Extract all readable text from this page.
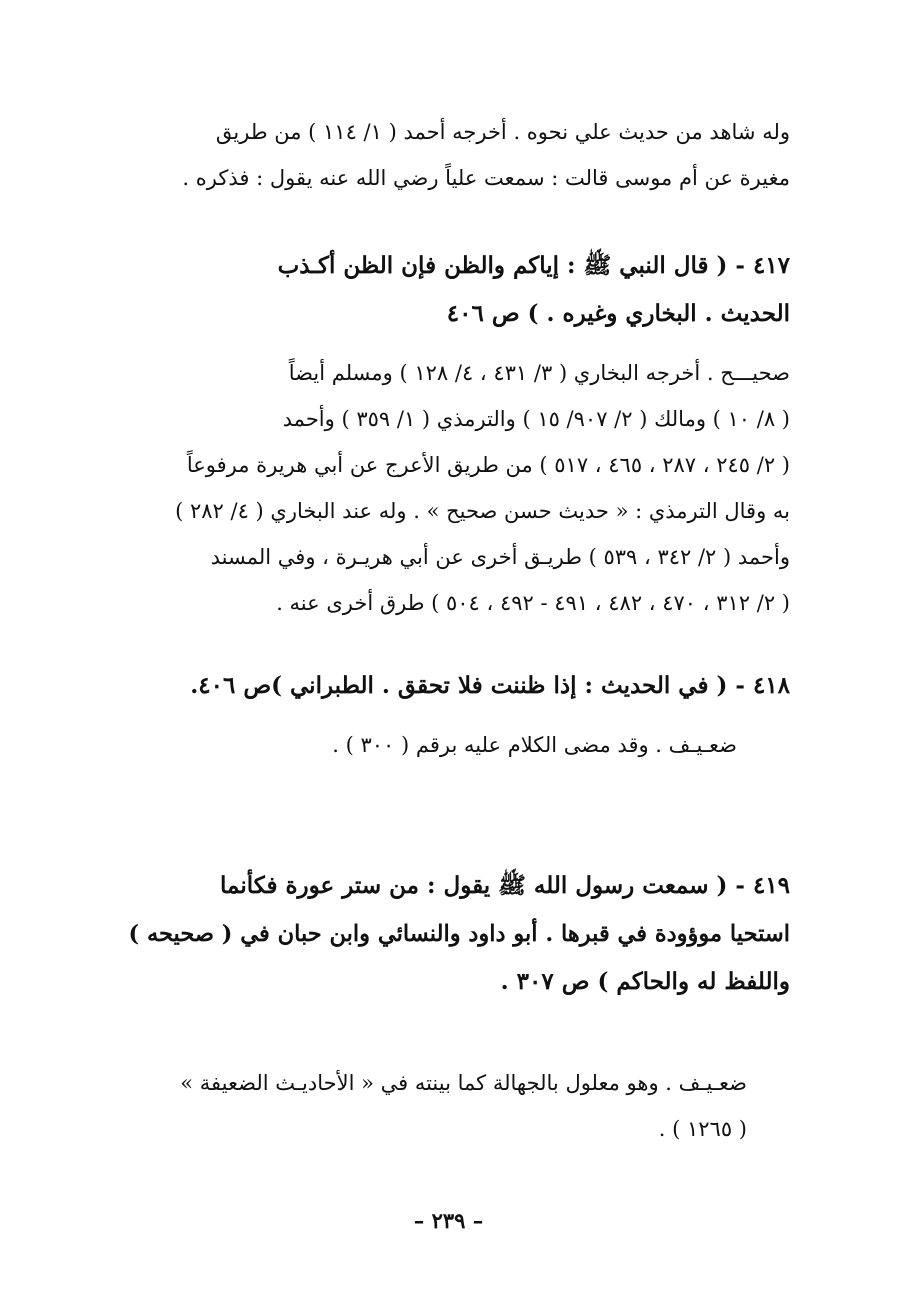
وله شاهد من حديث علي نحوه . أخرجه أحمد ( ١/ ١١٤ ) من طريق
مغيرة عن أم موسى قالت : سمعت علياً رضي الله عنه يقول : فذكره .
٤١٧ - ( قال النبي ﷺ : إياكم والظن فإن الظن أكـذب
الحديث . البخاري وغيره . ) ص ٤٠٦
صحيـــح . أخرجه البخاري ( ٣/ ٤٣١ ، ٤/ ١٢٨ ) ومسلم أيضاً
( ٨/ ١٠ ) ومالك ( ٢/ ٩٠٧/ ١٥ ) والترمذي ( ١/ ٣٥٩ ) وأحمد
( ٢/ ٢٤٥ ، ٢٨٧ ، ٤٦٥ ، ٥١٧ ) من طريق الأعرج عن أبي هريرة مرفوعاً
به وقال الترمذي : « حديث حسن صحيح » . وله عند البخاري ( ٤/ ٢٨٢ )
وأحمد ( ٢/ ٣٤٢ ، ٥٣٩ ) طريـق أخرى عن أبي هريـرة ، وفي المسند
( ٢/ ٣١٢ ، ٤٧٠ ، ٤٨٢ ، ٤٩١ - ٤٩٢ ، ٥٠٤ ) طرق أخرى عنه .
٤١٨ - ( في الحديث : إذا ظننت فلا تحقق . الطبراني )ص ٤٠٦.
ضعـيـف . وقد مضى الكلام عليه برقم ( ٣٠٠ ) .
٤١٩ - ( سمعت رسول الله ﷺ يقول : من ستر عورة فكأنما
استحيا موؤودة في قبرها . أبو داود والنسائي وابن حبان في ( صحيحه )
واللفظ له والحاكم ) ص ٣٠٧ .
ضعـيـف . وهو معلول بالجهالة كما بينته في « الأحاديـث الضعيفة »
( ١٢٦٥ ) .
– ٢٣٩ –
